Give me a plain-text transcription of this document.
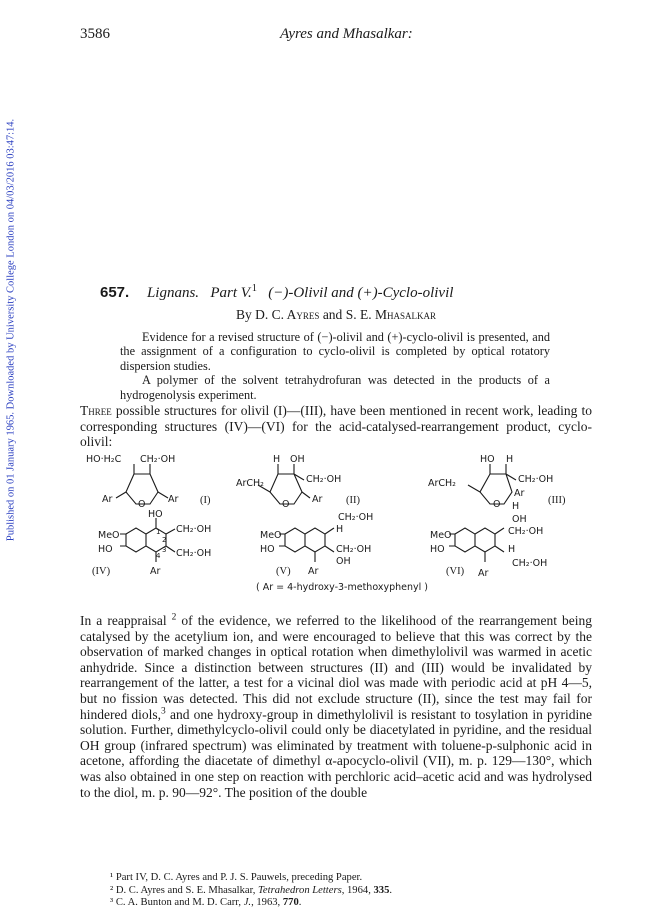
Published on 01 January 1965. Downloaded by University College London on 04/03/2016 03:47:14.
3586	Ayres and Mhasalkar:
657. Lignans. Part V.$^1$ (−)-Olivil and (+)-Cyclo-olivil
By D. C. Ayres and S. E. Mhasalkar

Evidence for a revised structure of (−)-olivil and (+)-cyclo-olivil is presented, and the assignment of a configuration to cyclo-olivil is completed by optical rotatory dispersion studies.

A polymer of the solvent tetrahydrofuran was detected in the products of a hydrogenolysis experiment.

Three possible structures for olivil (I)—(III), have been mentioned in recent work, leading to corresponding structures (IV)—(VI) for the acid-catalysed-rearrangement product, cyclo-olivil:

HO·H₂C CH₂·OH
Ar	O Ar (I)
H OH
ArCH₂	CH₂·OH
O Ar (II)
HO H
ArCH₂	CH₂·OH
Ar
O H
(III)
HO
MeO
HO
CH₂·OH
CH₂·OH
1
2
3
4
Ar
(IV)
MeO
HO
CH₂·OH
H
CH₂·OH
OH
Ar
(V)
MeO
HO
OH
CH₂·OH
H
CH₂·OH
Ar
(VI)
( Ar = 4-hydroxy-3-methoxyphenyl )

In a reappraisal $^2$ of the evidence, we referred to the likelihood of the rearrangement being catalysed by the acetylium ion, and were encouraged to believe that this was correct by the observation of marked changes in optical rotation when dimethylolivil was warmed in acetic anhydride. Since a distinction between structures (II) and (III) would be invalidated by rearrangement of the latter, a test for a vicinal diol was made with periodic acid at pH 4—5, but no fission was detected. This did not exclude structure (II), since the test may fail for hindered diols,$^3$ and one hydroxy-group in dimethylolivil is resistant to tosylation in pyridine solution. Further, dimethylcyclo-olivil could only be diacetylated in pyridine, and the residual OH group (infrared spectrum) was eliminated by treatment with toluene-p-sulphonic acid in acetone, affording the diacetate of dimethyl α-apocyclo-olivil (VII), m. p. 129—130°, which was also obtained in one step on reaction with perchloric acid–acetic acid and was hydrolysed to the diol, m. p. 90—92°. The position of the double

¹ Part IV, D. C. Ayres and P. J. S. Pauwels, preceding Paper.
² D. C. Ayres and S. E. Mhasalkar, Tetrahedron Letters, 1964, 335.
³ C. A. Bunton and M. D. Carr, J., 1963, 770.
